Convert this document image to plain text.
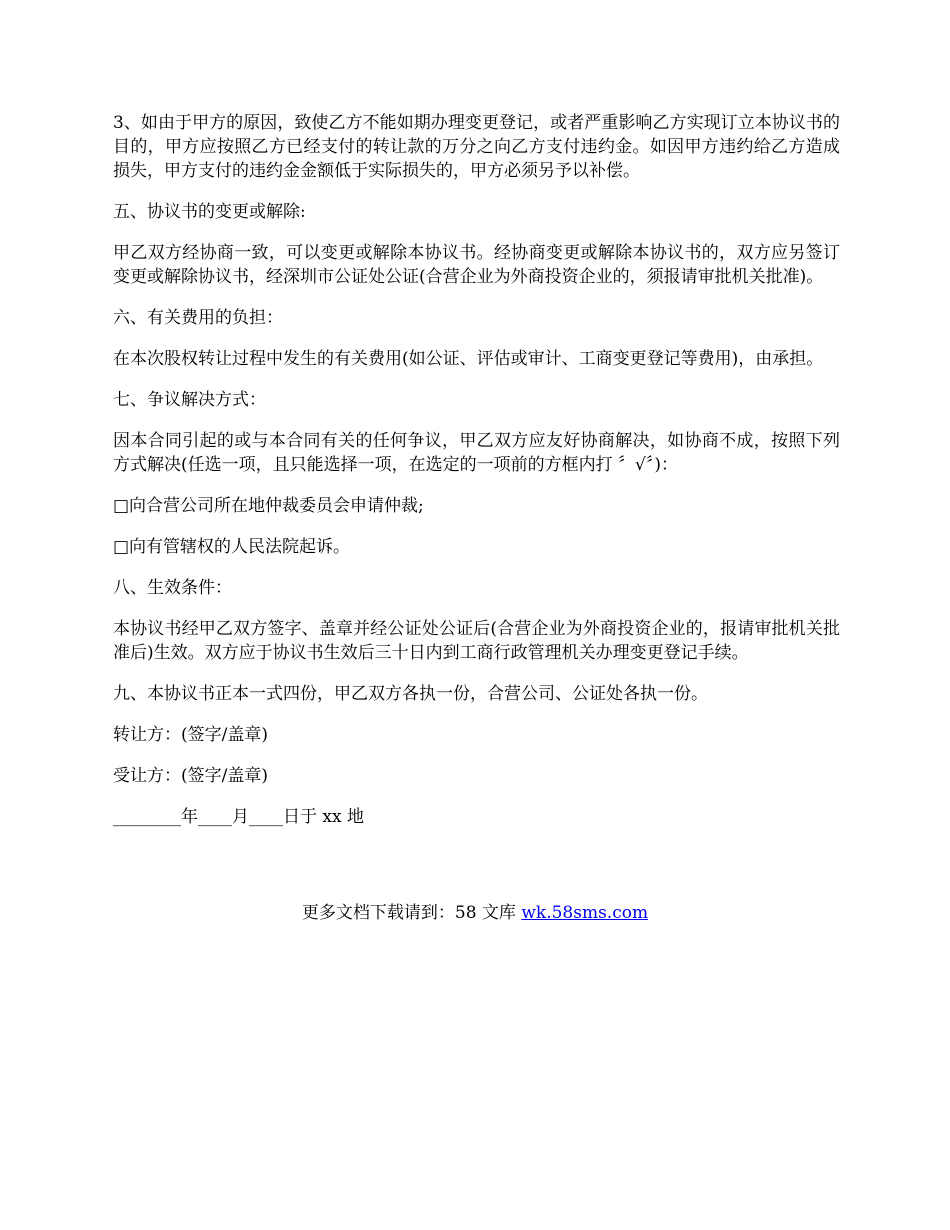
3、如由于甲方的原因，致使乙方不能如期办理变更登记，或者严重影响乙方实现订立本协议书的目的，甲方应按照乙方已经支付的转让款的万分之向乙方支付违约金。如因甲方违约给乙方造成损失，甲方支付的违约金金额低于实际损失的，甲方必须另予以补偿。

五、协议书的变更或解除:

甲乙双方经协商一致，可以变更或解除本协议书。经协商变更或解除本协议书的，双方应另签订变更或解除协议书，经深圳市公证处公证(合营企业为外商投资企业的，须报请审批机关批准)。

六、有关费用的负担：

在本次股权转让过程中发生的有关费用(如公证、评估或审计、工商变更登记等费用)，由承担。

七、争议解决方式：

因本合同引起的或与本合同有关的任何争议，甲乙双方应友好协商解决，如协商不成，按照下列方式解决(任选一项，且只能选择一项，在选定的一项前的方框内打 〞√〞)：

□向合营公司所在地仲裁委员会申请仲裁;

□向有管辖权的人民法院起诉。

八、生效条件：

本协议书经甲乙双方签字、盖章并经公证处公证后(合营企业为外商投资企业的，报请审批机关批准后)生效。双方应于协议书生效后三十日内到工商行政管理机关办理变更登记手续。

九、本协议书正本一式四份，甲乙双方各执一份，合营公司、公证处各执一份。

转让方：(签字/盖章)

受让方：(签字/盖章)

________年____月____日于 xx 地

更多文档下载请到：58 文库 wk.58sms.com
